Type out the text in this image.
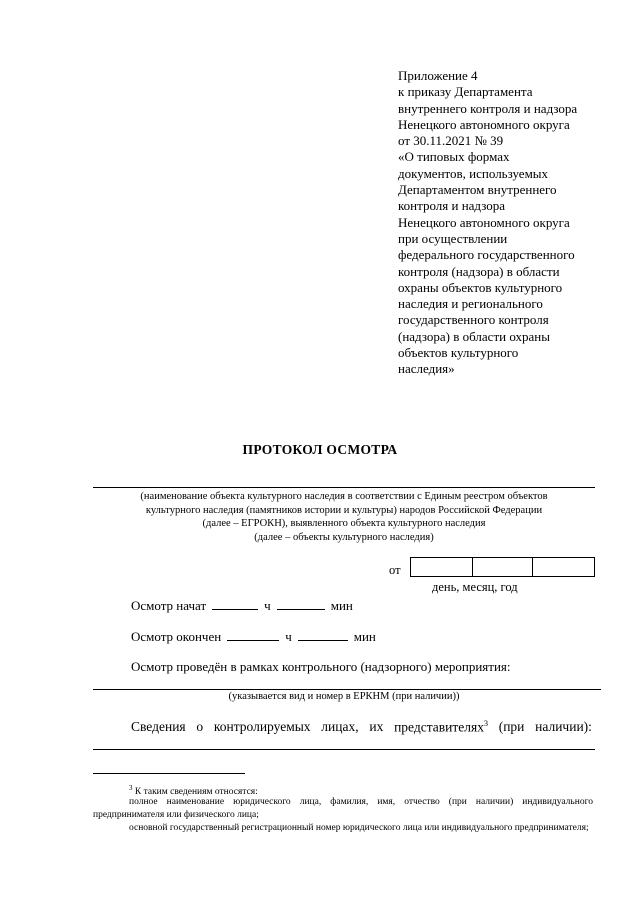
Приложение 4
к приказу Департамента
внутреннего контроля и надзора
Ненецкого автономного округа
от 30.11.2021 № 39
«О типовых формах
документов, используемых
Департаментом внутреннего
контроля и надзора
Ненецкого автономного округа
при осуществлении
федерального государственного
контроля (надзора) в области
охраны объектов культурного
наследия и регионального
государственного контроля
(надзора) в области охраны
объектов культурного
наследия»
ПРОТОКОЛ ОСМОТРА
(наименование объекта культурного наследия в соответствии с Единым реестром объектов
культурного наследия (памятников истории и культуры) народов Российской Федерации
(далее – ЕГРОКН), выявленного объекта культурного наследия
(далее – объекты культурного наследия)
от
день, месяц, год
Осмотр начат	ч	мин
Осмотр окончен	ч	мин
Осмотр проведён в рамках контрольного (надзорного) мероприятия:
(указывается вид и номер в ЕРКНМ (при наличии))
Сведения о контролируемых лицах, их представителях$^3$ (при наличии):
$^3$ К таким сведениям относятся:
полное наименование юридического лица, фамилия, имя, отчество (при наличии) индивидуального предпринимателя или физического лица;
основной государственный регистрационный номер юридического лица или индивидуального предпринимателя;
